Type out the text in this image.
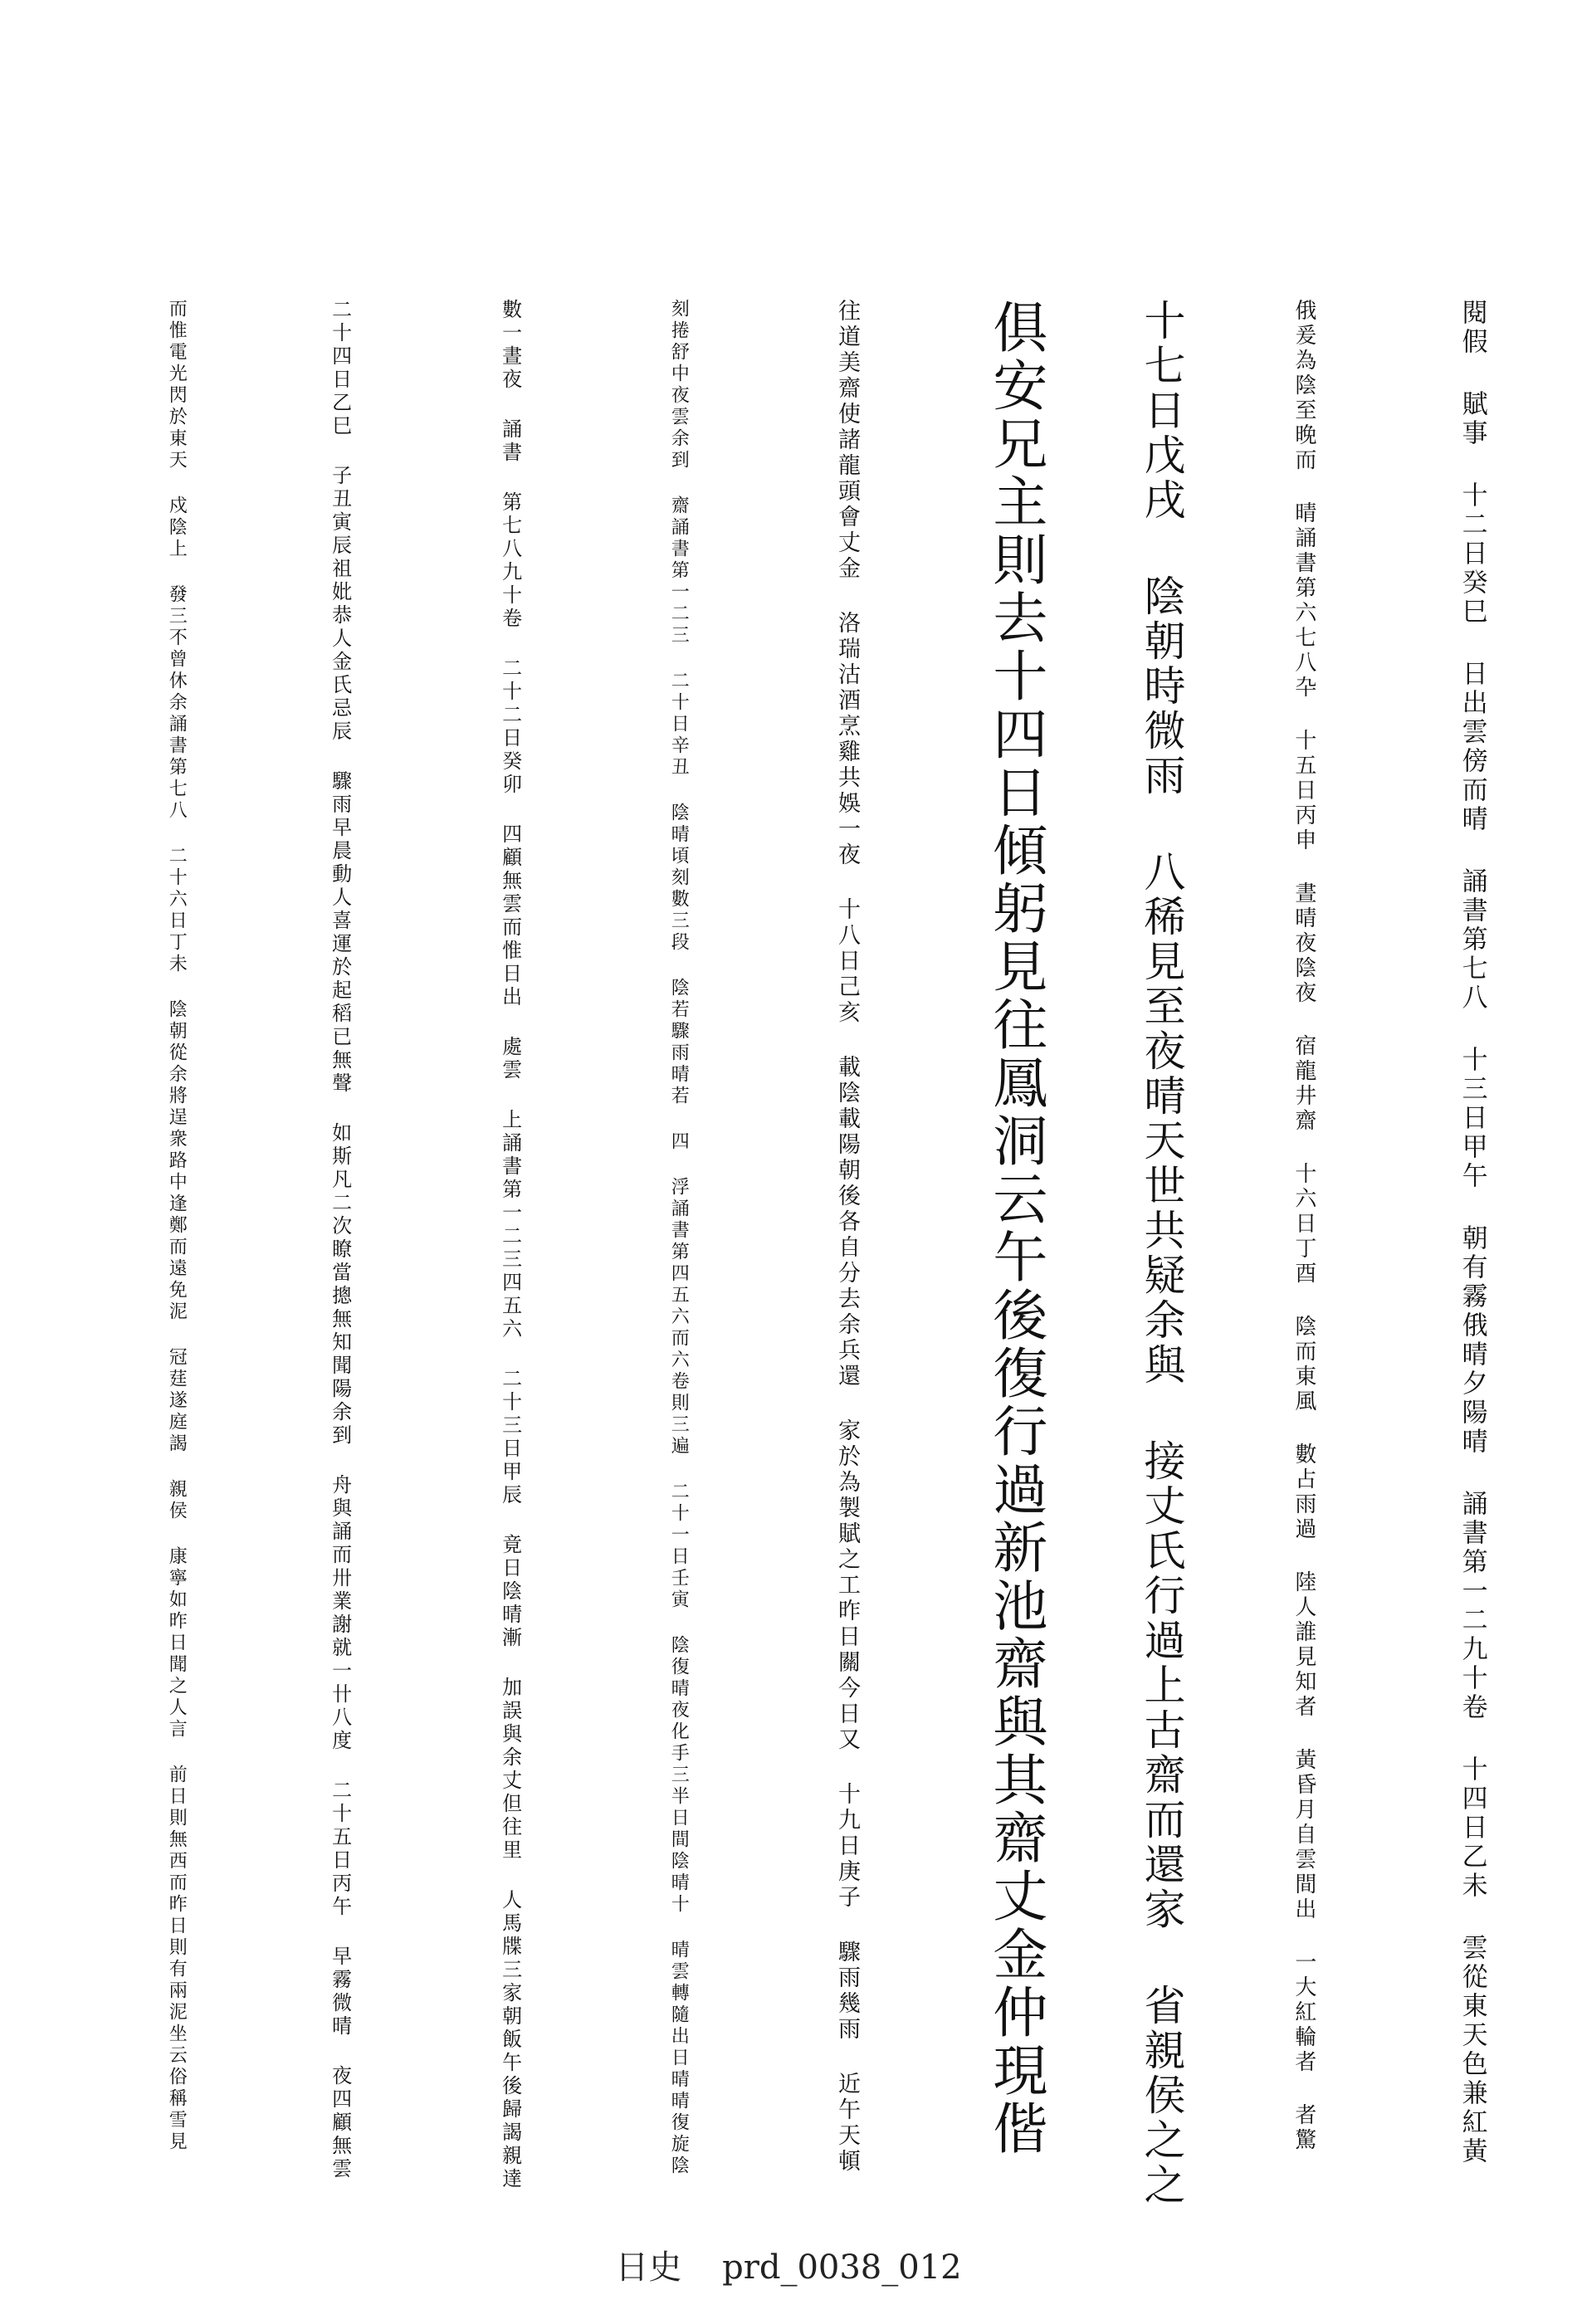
閱假 賦事 十二日癸巳 日出雲傍而晴 誦書第七八 十三日甲午 朝有霧俄晴夕陽晴 誦書第一二九十卷 十四日乙未 雲從東天色兼紅黃
俄爰為陰至晚而 晴誦書第六七八卆 十五日丙申 晝晴夜陰夜 宿龍井齋 十六日丁酉 陰而東風 數占雨過 陸人誰見知者 黃昏月自雲間出 一大紅輪者 者驚
十七日戊戌 陰朝時微雨 八稀見至夜晴天世共疑余與 接丈氏行過上古齋而還家 省親侯之之
俱安兄主則去十四日傾躬見往鳳洞云午後復行過新池齋與其齋丈金仲現偕
往道美齋使諸龍頭會丈金 洛瑞沽酒烹雞共娛一夜 十八日己亥 載陰載陽朝後各自分去余兵還 家於為製賦之工昨日關今日又 十九日庚子 驟雨幾雨 近午天頓
刻捲舒中夜雲余到 齋誦書第一二三 二十日辛丑 陰晴頃刻數三段 陰若驟雨晴若 四 浮誦書第四五六而六卷則三遍 二十一日壬寅 陰復晴夜化手三半日間陰晴十 晴雲轉隨出日晴晴復旋陰
數一晝夜 誦書 第七八九十卷 二十二日癸卯 四顧無雲而惟日出 處雲 上誦書第一二三四五六 二十三日甲辰 竟日陰晴漸 加誤與余丈但往里 人馬牒三家朝飯午後歸謁親達
二十四日乙巳 子丑寅辰祖妣恭人金氏忌辰 驟雨早晨動人喜運於起稻已無聲 如斯凡二次瞭當摠無知聞陽余到 舟與誦而卅業謝就一卄八度 二十五日丙午 早霧微晴 夜四顧無雲
而惟電光閃於東天 戍陰上 發三不曾休余誦書第七八 二十六日丁未 陰朝從余將逞衆路中逢鄭而遠免泥 冠莛遂庭謁 親侯 康寧如昨日聞之人言 前日則無西而昨日則有兩泥坐云俗稱雪見
日史 prd_0038_012
